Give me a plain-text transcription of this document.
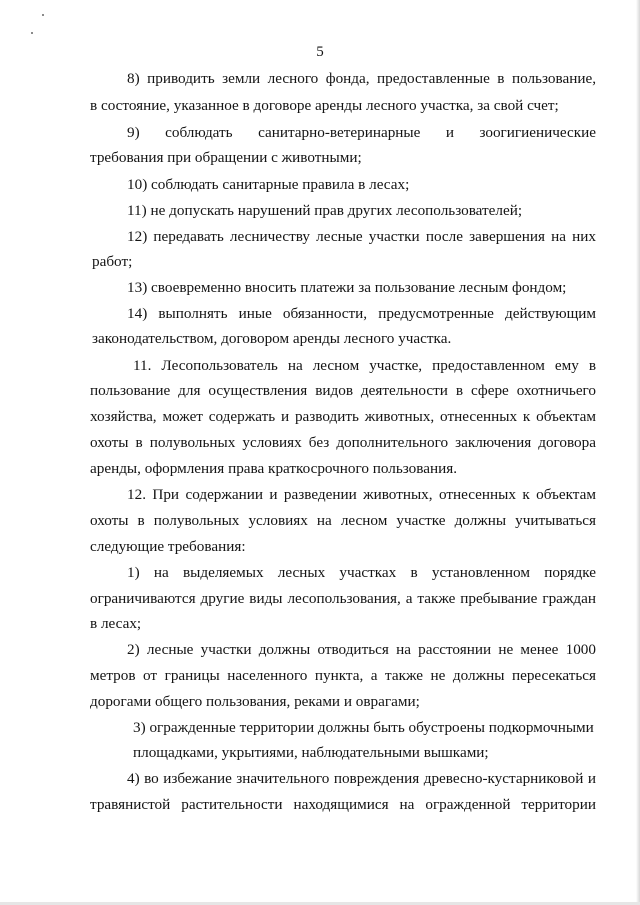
5
8) приводить земли лесного фонда, предоставленные в пользование,
в состояние, указанное в договоре аренды лесного участка, за свой счет;
9) соблюдать санитарно-ветеринарные и зоогигиенические
требования при обращении с животными;
10) соблюдать санитарные правила в лесах;
11) не допускать нарушений прав других лесопользователей;
12) передавать лесничеству лесные участки после завершения на них
работ;
13) своевременно вносить платежи за пользование лесным фондом;
14) выполнять иные обязанности, предусмотренные действующим
законодательством, договором аренды лесного участка.
11. Лесопользователь на лесном участке, предоставленном ему в
пользование для осуществления видов деятельности в сфере охотничьего
хозяйства, может содержать и разводить животных, отнесенных к объектам
охоты в полувольных условиях без дополнительного заключения договора
аренды, оформления права краткосрочного пользования.
12. При содержании и разведении животных, отнесенных к объектам
охоты в полувольных условиях на лесном участке должны учитываться
следующие требования:
1) на выделяемых лесных участках в установленном порядке
ограничиваются другие виды лесопользования, а также пребывание граждан
в лесах;
2) лесные участки должны отводиться на расстоянии не менее 1000
метров от границы населенного пункта, а также не должны пересекаться
дорогами общего пользования, реками и оврагами;
3) огражденные территории должны быть обустроены подкормочными
площадками, укрытиями, наблюдательными вышками;
4) во избежание значительного повреждения древесно-кустарниковой и
травянистой растительности находящимися на огражденной территории
